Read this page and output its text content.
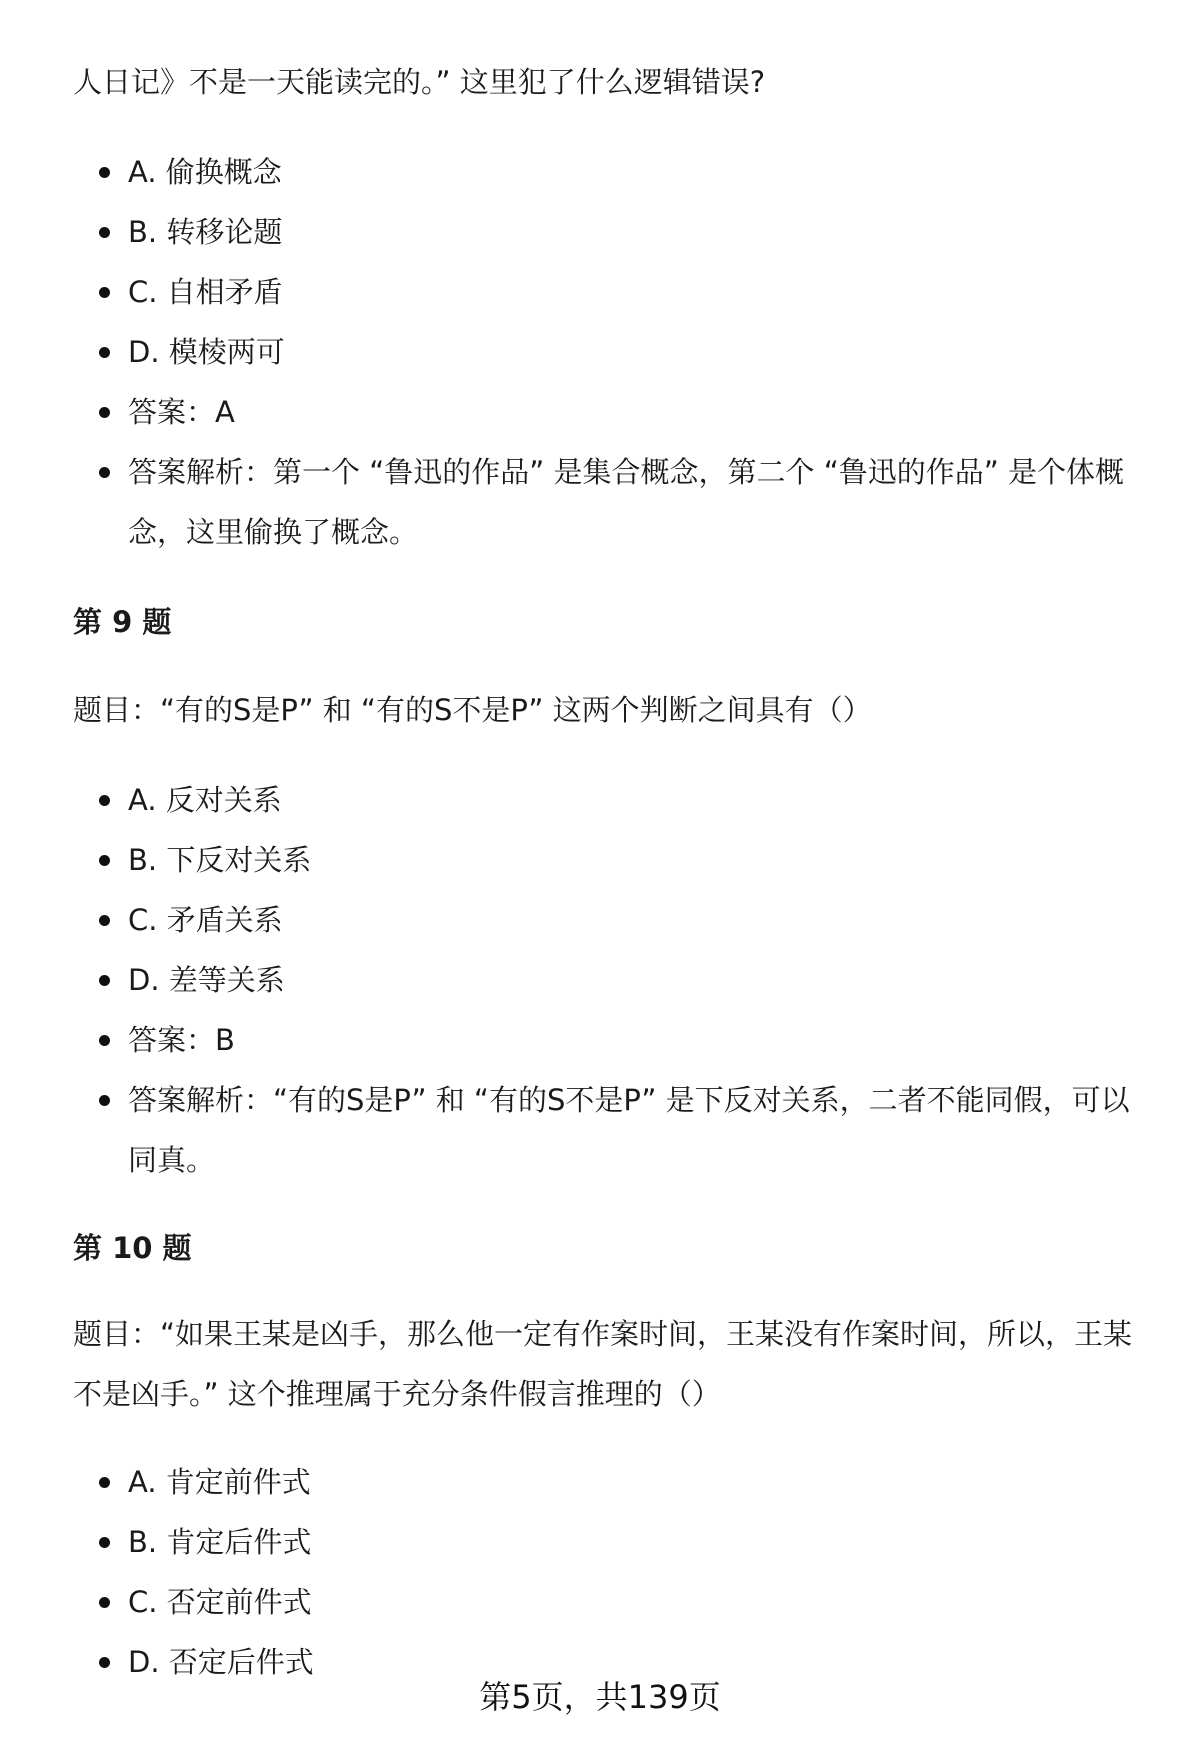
人日记》不是一天能读完的。” 这里犯了什么逻辑错误?

A. 偷换概念
B. 转移论题
C. 自相矛盾
D. 模棱两可
答案：A
答案解析：第一个 “鲁迅的作品” 是集合概念，第二个 “鲁迅的作品” 是个体概念，这里偷换了概念。
第 9 题

题目：“有的S是P” 和 “有的S不是P” 这两个判断之间具有（）

A. 反对关系
B. 下反对关系
C. 矛盾关系
D. 差等关系
答案：B
答案解析：“有的S是P” 和 “有的S不是P” 是下反对关系，二者不能同假，可以同真。
第 10 题

题目：“如果王某是凶手，那么他一定有作案时间，王某没有作案时间，所以，王某不是凶手。” 这个推理属于充分条件假言推理的（）

A. 肯定前件式
B. 肯定后件式
C. 否定前件式
D. 否定后件式
第5页，共139页
